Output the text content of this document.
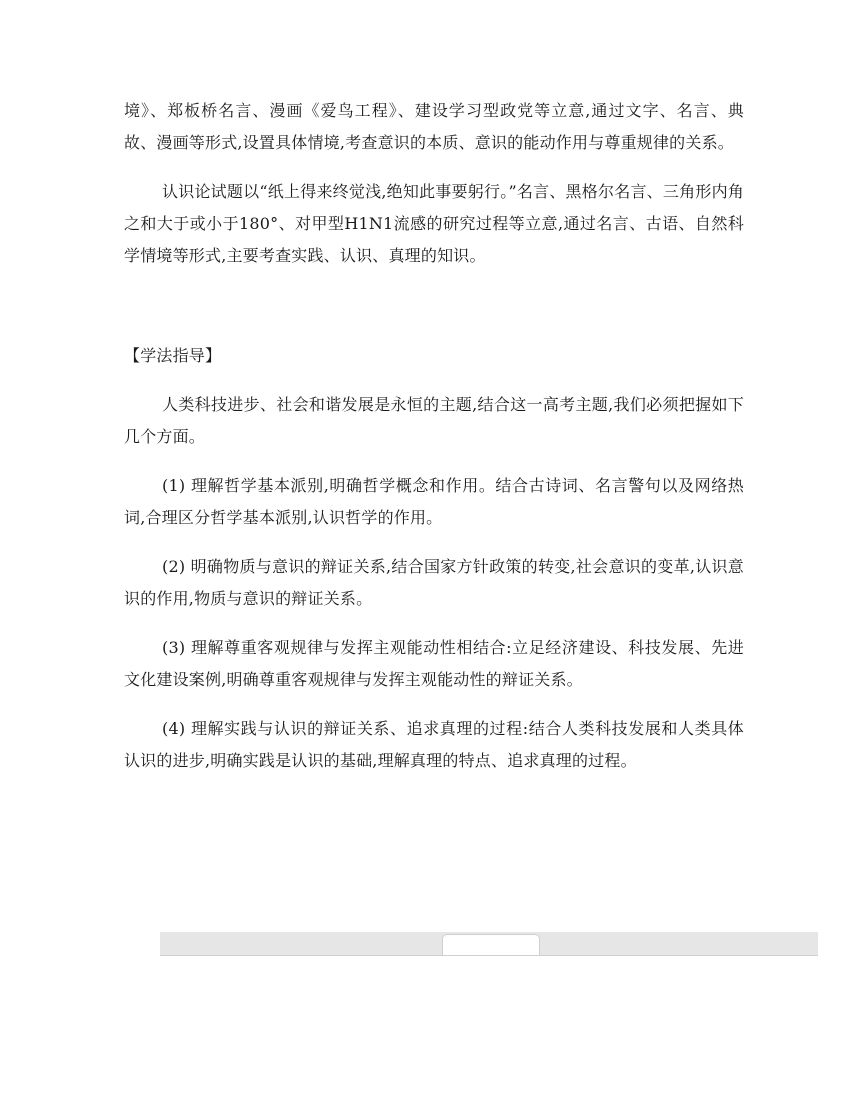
境》、郑板桥名言、漫画《爱鸟工程》、建设学习型政党等立意,通过文字、名言、典故、漫画等形式,设置具体情境,考查意识的本质、意识的能动作用与尊重规律的关系。

认识论试题以“纸上得来终觉浅,绝知此事要躬行。”名言、黑格尔名言、三角形内角之和大于或小于180°、对甲型H1N1流感的研究过程等立意,通过名言、古语、自然科学情境等形式,主要考查实践、认识、真理的知识。

【学法指导】

人类科技进步、社会和谐发展是永恒的主题,结合这一高考主题,我们必须把握如下几个方面。

(1) 理解哲学基本派别,明确哲学概念和作用。结合古诗词、名言警句以及网络热词,合理区分哲学基本派别,认识哲学的作用。

(2) 明确物质与意识的辩证关系,结合国家方针政策的转变,社会意识的变革,认识意识的作用,物质与意识的辩证关系。

(3) 理解尊重客观规律与发挥主观能动性相结合:立足经济建设、科技发展、先进文化建设案例,明确尊重客观规律与发挥主观能动性的辩证关系。

(4) 理解实践与认识的辩证关系、追求真理的过程:结合人类科技发展和人类具体认识的进步,明确实践是认识的基础,理解真理的特点、追求真理的过程。
